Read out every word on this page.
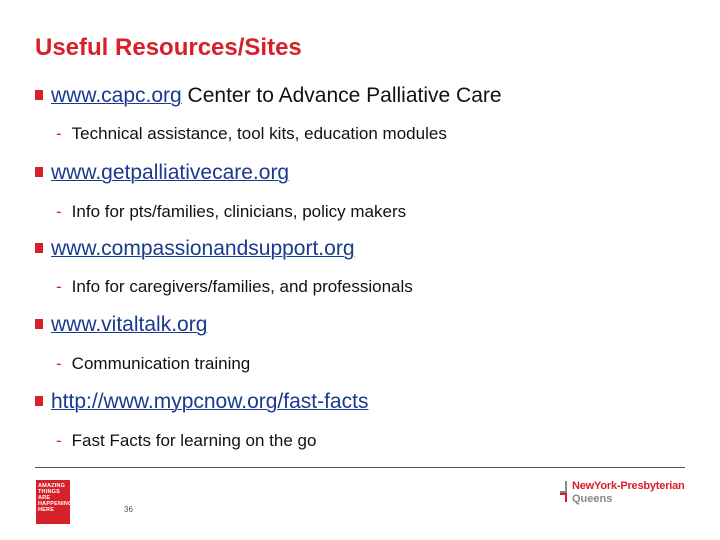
Useful Resources/Sites
www.capc.org Center to Advance Palliative Care
- Technical assistance, tool kits, education modules
www.getpalliativecare.org
- Info for pts/families, clinicians, policy makers
www.compassionandsupport.org
- Info for caregivers/families, and professionals
www.vitaltalk.org
- Communication training
http://www.mypcnow.org/fast-facts
- Fast Facts for learning on the go
AMAZING
THINGS
ARE
HAPPENING
HERE	36
NewYork-Presbyterian
Queens
